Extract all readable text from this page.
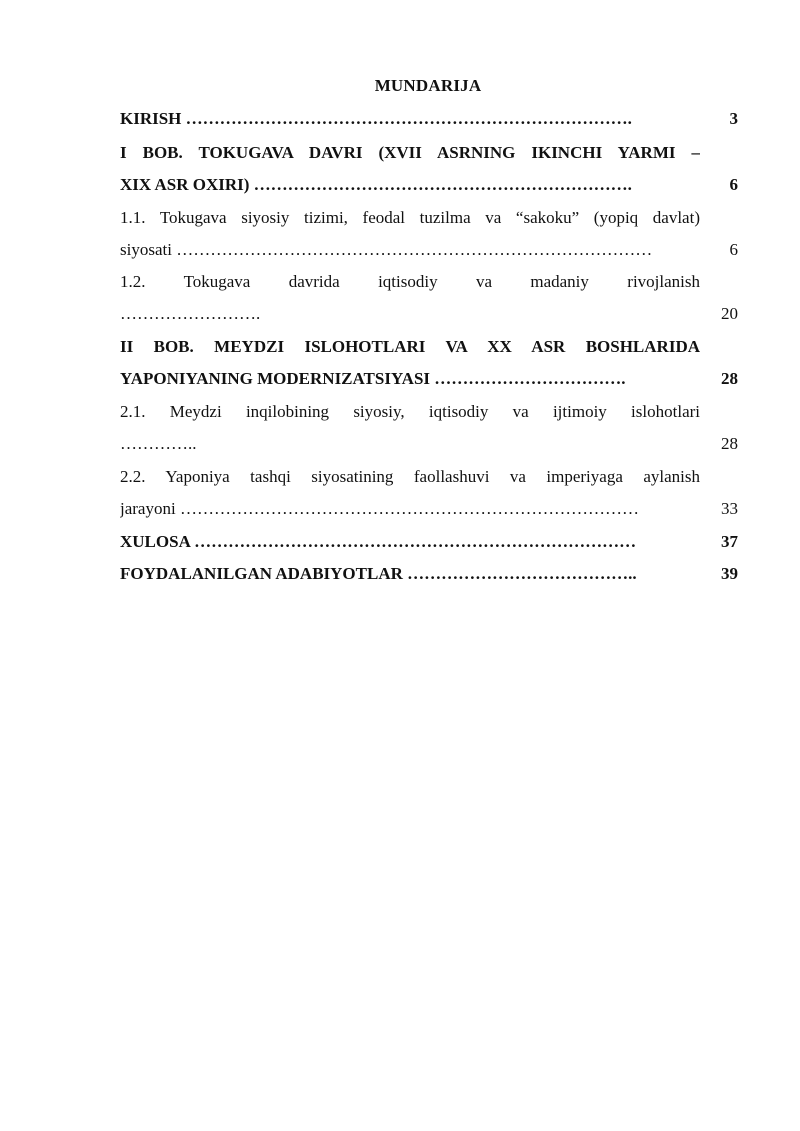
MUNDARIJA
KIRISH …………………………………………………………………….	3
I BOB. TOKUGAVA DAVRI (XVII ASRNING IKINCHI YARMI –
XIX ASR OXIRI) ………………………………………………………….	6
1.1. Tokugava siyosiy tizimi, feodal tuzilma va “sakoku” (yopiq davlat)
siyosati …………………………………………………………………………	6
1.2. Tokugava davrida iqtisodiy va madaniy rivojlanish
…………………….	20
II BOB. MEYDZI ISLOHOTLARI VA XX ASR BOSHLARIDA
YAPONIYANING MODERNIZATSIYASI …………………………….	28
2.1. Meydzi inqilobining siyosiy, iqtisodiy va ijtimoiy islohotlari
…………..	28
2.2. Yaponiya tashqi siyosatining faollashuvi va imperiyaga aylanish
jarayoni ………………………………………………………………………	33
XULOSA ……………………………………………………………………	37
FOYDALANILGAN ADABIYOTLAR …………………………………..	39
